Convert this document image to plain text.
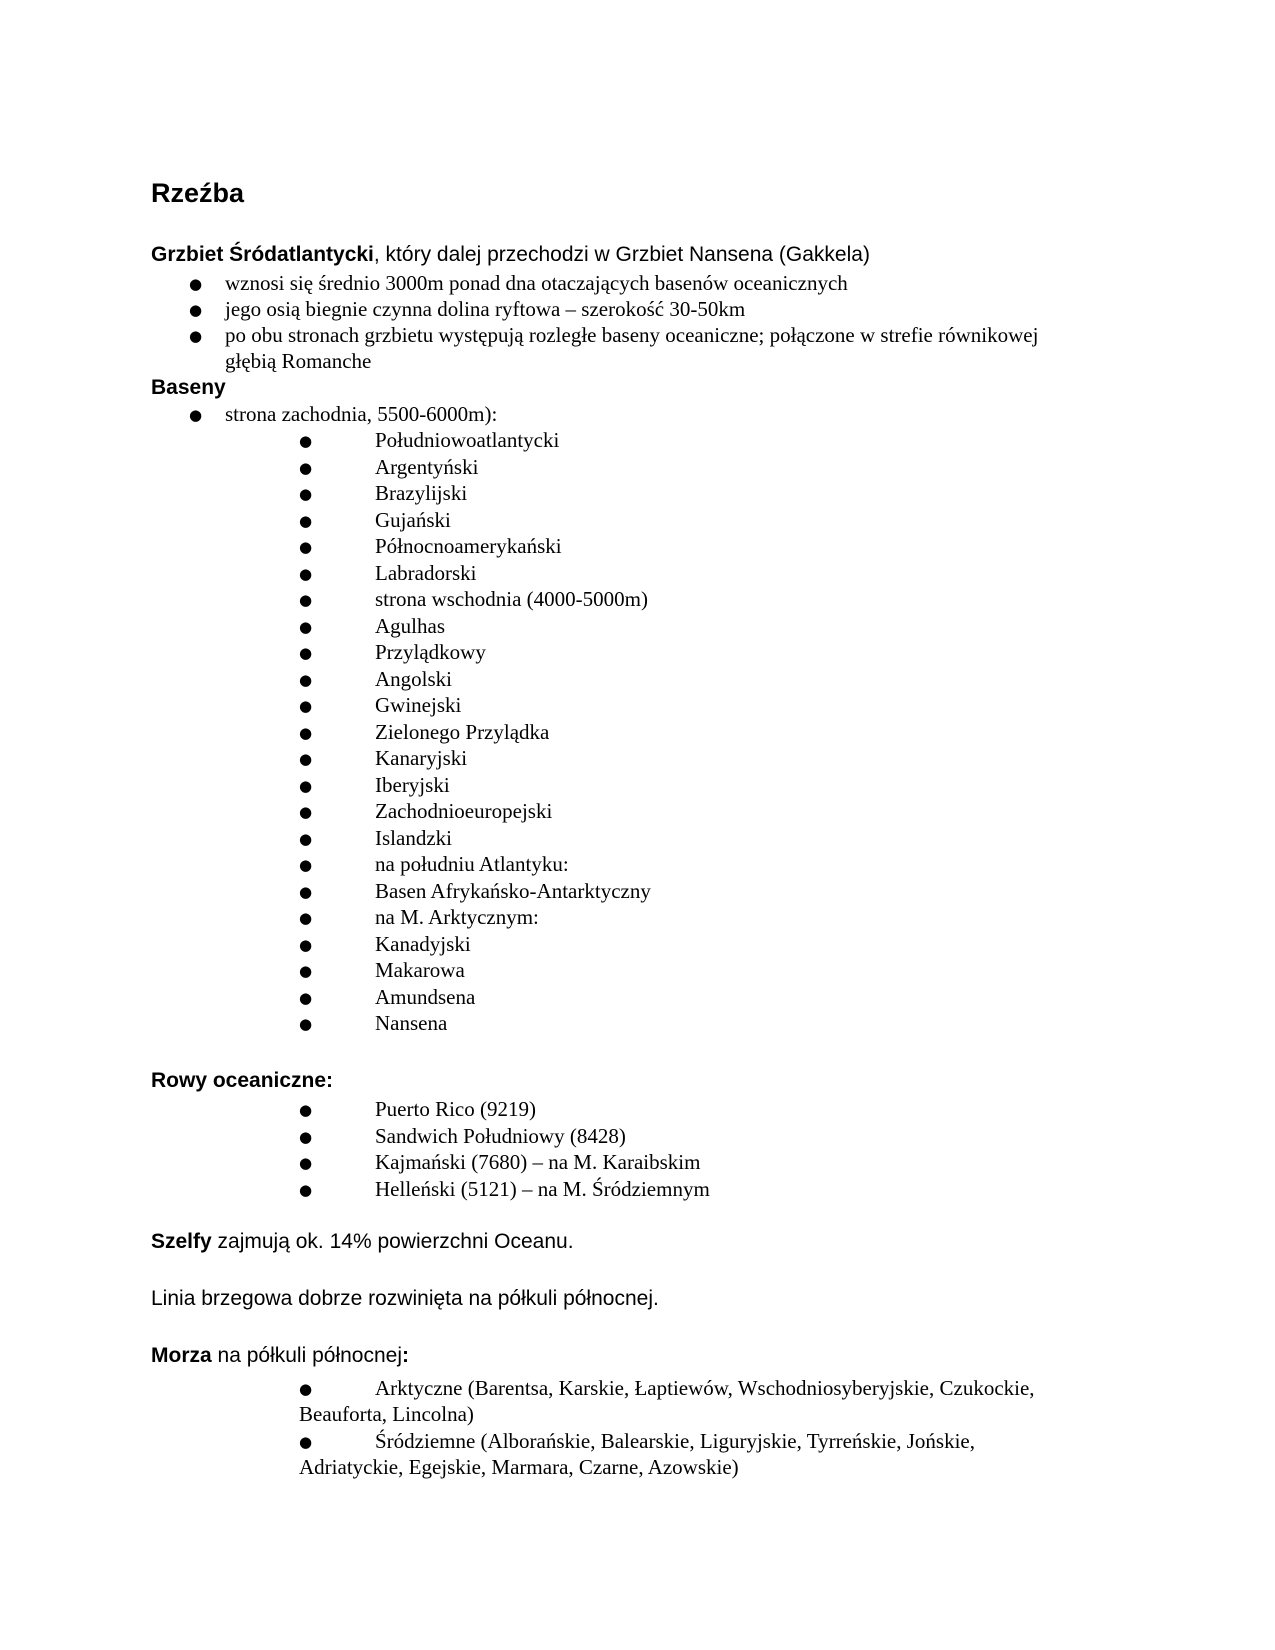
Rzeźba
Grzbiet Śródatlantycki, który dalej przechodzi w Grzbiet Nansena (Gakkela)
● wznosi się średnio 3000m ponad dna otaczających basenów oceanicznych
● jego osią biegnie czynna dolina ryftowa – szerokość 30-50km
● po obu stronach grzbietu występują rozległe baseny oceaniczne; połączone w strefie równikowej
głębią Romanche
Baseny
● strona zachodnia, 5500-6000m):
●	Południowoatlantycki
●	Argentyński
●	Brazylijski
●	Gujański
●	Północnoamerykański
●	Labradorski
●	strona wschodnia (4000-5000m)
●	Agulhas
●	Przylądkowy
●	Angolski
●	Gwinejski
●	Zielonego Przylądka
●	Kanaryjski
●	Iberyjski
●	Zachodnioeuropejski
●	Islandzki
●	na południu Atlantyku:
●	Basen Afrykańsko-Antarktyczny
●	na M. Arktycznym:
●	Kanadyjski
●	Makarowa
●	Amundsena
●	Nansena
Rowy oceaniczne:
●	Puerto Rico (9219)
●	Sandwich Południowy (8428)
●	Kajmański (7680) – na M. Karaibskim
●	Helleński (5121) – na M. Śródziemnym
Szelfy zajmują ok. 14% powierzchni Oceanu.
Linia brzegowa dobrze rozwinięta na półkuli północnej.
Morza na półkuli północnej:
●	Arktyczne (Barentsa, Karskie, Łaptiewów, Wschodniosyberyjskie, Czukockie,
Beauforta, Lincolna)
●	Śródziemne (Alborańskie, Balearskie, Liguryjskie, Tyrreńskie, Jońskie,
Adriatyckie, Egejskie, Marmara, Czarne, Azowskie)
